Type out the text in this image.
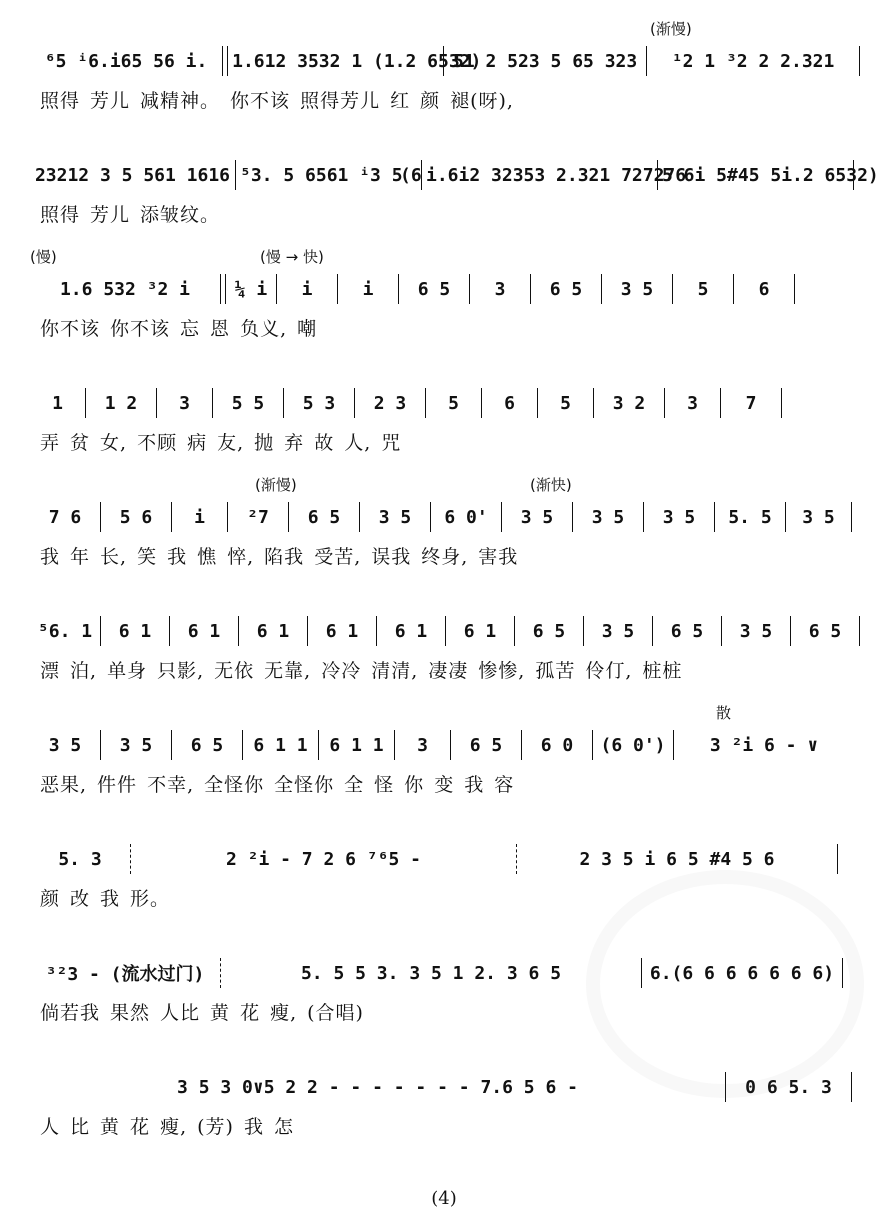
(渐慢)
⁶5 ⁱ6.i65 56 i.	1.612 3532 1 (1.2 6532)
51 2 523 5 65 323	¹2 1 ³2 2 2.321
照得 芳儿 减精神。 你不该 照得芳儿 红 颜 褪(呀),
23212 3 5 561 1616 ⁵3. 5 6561 ⁱ3 5
(6 i.6i2 32353 2.321 727276
5 6i 5#45 5i.2 6532)
照得 芳儿 添皱纹。
(慢)	(慢 → 快)
1.6 532 ³2 i	¼ i	i	i	6 5	3	6 5	3 5	5	6
你不该 你不该 忘 恩 负义, 嘲
1	1 2	3	5 5	5 3	2 3	5	6	5	3 2	3	7
弄 贫 女, 不顾 病 友, 抛 弃 故 人, 咒
(渐慢)	(渐快)
7 6	5 6	i	²7	6 5	3 5	6 0'	3 5	3 5	3 5	5. 5	3 5
我 年 长, 笑 我 憔 悴, 陷我 受苦, 误我 终身, 害我
⁵6. 1	6 1	6 1	6 1	6 1	6 1	6 1	6 5	3 5	6 5	3 5	6 5
漂 泊, 单身 只影, 无依 无靠, 冷冷 清清, 凄凄 惨惨, 孤苦 伶仃, 桩桩
散
3 5	3 5	6 5	6 1 1	6 1 1	3	6 5	6 0	(6 0')	3 ²i 6 - ∨
恶果, 件件 不幸, 全怪你 全怪你 全 怪 你 变 我 容
5. 3	2 ²i - 7 2 6 ⁷⁶5 -	2 3 5 i 6 5 #4 5 6
颜 改 我 形。
³²3 - (流水过门)	5. 5 5 3. 3 5 1 2. 3 6 5	6.(6 6 6 6 6 6 6)
倘若我 果然 人比 黄 花 瘦, (合唱)
3 5 3 0∨5 2 2 - - - - - - - 7.6 5 6 -	0 6 5. 3
人 比 黄 花 瘦, (芳) 我 怎
(4)
